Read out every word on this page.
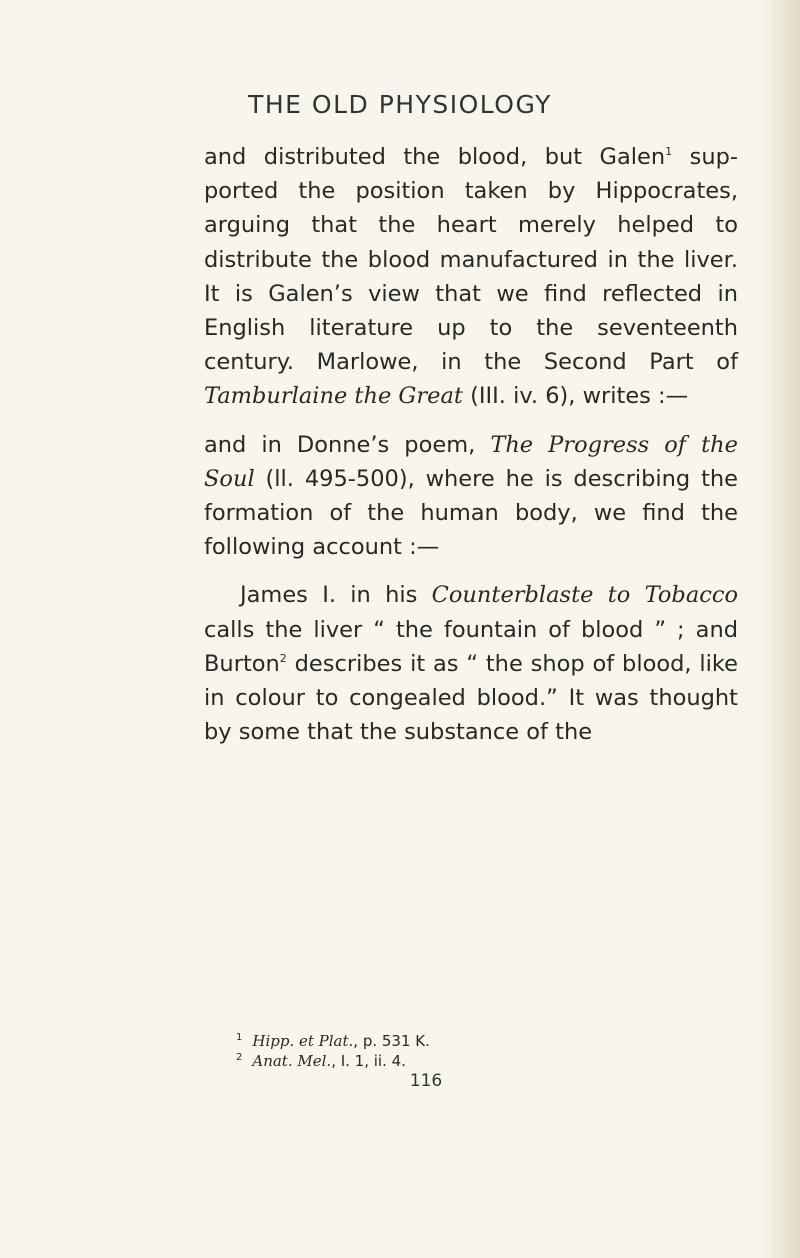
THE OLD PHYSIOLOGY

and distributed the blood, but Galen$^1$ supported the position taken by Hippocrates, arguing that the heart merely helped to distribute the blood manufactured in the liver. It is Galen’s view that we find reflected in English literature up to the seventeenth century. Marlowe, in the Second Part of Tamburlaine the Great (III. iv. 6), writes :—

and in Donne’s poem, The Progress of the Soul (ll. 495-500), where he is describing the formation of the human body, we find the following account :—

James I. in his Counterblaste to Tobacco calls the liver “ the fountain of blood ” ; and Burton$^2$ describes it as “ the shop of blood, like in colour to congealed blood.” It was thought by some that the substance of the

$^1$ Hipp. et Plat., p. 531 K.
$^2$ Anat. Mel., I. 1, ii. 4.
116
